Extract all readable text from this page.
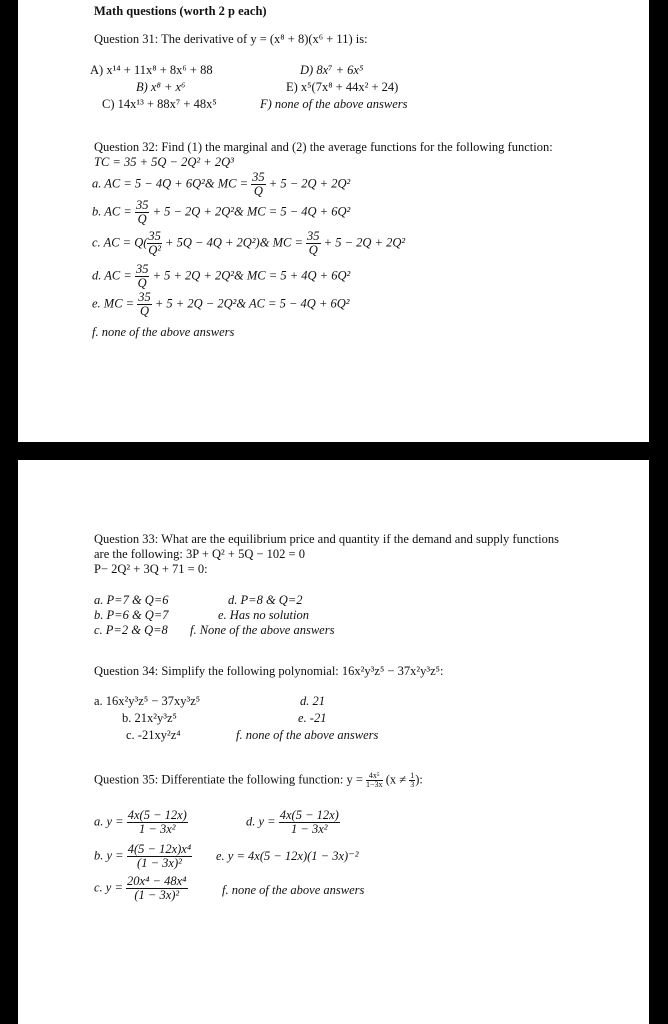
Math questions (worth 2 p each)
Question 31: The derivative of y = (x⁸ + 8)(x⁶ + 11) is:
A) x¹⁴ + 11x⁸ + 8x⁶ + 88	D) 8x⁷ + 6x⁵
B) x⁸ + x⁶	E) x⁵(7x⁸ + 44x² + 24)
C) 14x¹³ + 88x⁷ + 48x⁵	F) none of the above answers
Question 32: Find (1) the marginal and (2) the average functions for the following function:
TC = 35 + 5Q − 2Q² + 2Q³
a. AC = 5 − 4Q + 6Q²& MC = $\frac{35}{Q} + 5 - 2Q + 2Q^2$
b. AC = $\frac{35}{Q} + 5 - 2Q$ + 2Q²& MC = 5 − 4Q + 6Q²
c. AC = $Q( \frac{35}{\text{Q²}} + 5Q - 4Q$ + 2Q²)& MC = $\frac{35}{Q} + 5 - 2Q + 2Q^2$
d. AC = $\frac{35}{Q} + 5 + 2Q$ + 2Q²& MC = 5 + 4Q + 6Q²
e. MC = $\frac{35}{Q} + 5 + 2Q$ − 2Q²& AC = 5 − 4Q + 6Q²
f. none of the above answers
Question 33: What are the equilibrium price and quantity if the demand and supply functions
are the following: 3P + Q² + 5Q − 102 = 0
P− 2Q² + 3Q + 71 = 0:
a. P=7 & Q=6	d. P=8 & Q=2
b. P=6 & Q=7	e. Has no solution
c. P=2 & Q=8 f. None of the above answers
Question 34: Simplify the following polynomial: 16x²y³z⁵ − 37x²y³z⁵:
a. 16x²y³z⁵ − 37xy³z⁵	d. 21
b. 21x²y³z⁵	e. -21
c. -21xy²z⁴	f. none of the above answers
Question 35: Differentiate the following function: $y = \frac{\text{4x⁵}}{1-3x} (x \ne \frac{1}{3}$ ):
a. $y = \frac{4x(5 - 12x)}{\text{1 − 3x²}}$	d. $y = \frac{4x(5 - 12x)}{\text{1 − 3x²}}$
b. $y = \frac{\text{4(5 − 12x)x⁴}}{\text{(1 − 3x)²}} e$. y = 4x(5 − 12x)(1 − 3x)⁻²
c. $y = \frac{\text{20x⁴ − 48x⁴}}{\text{(1 − 3x)²}}$	f. none of the above answers
